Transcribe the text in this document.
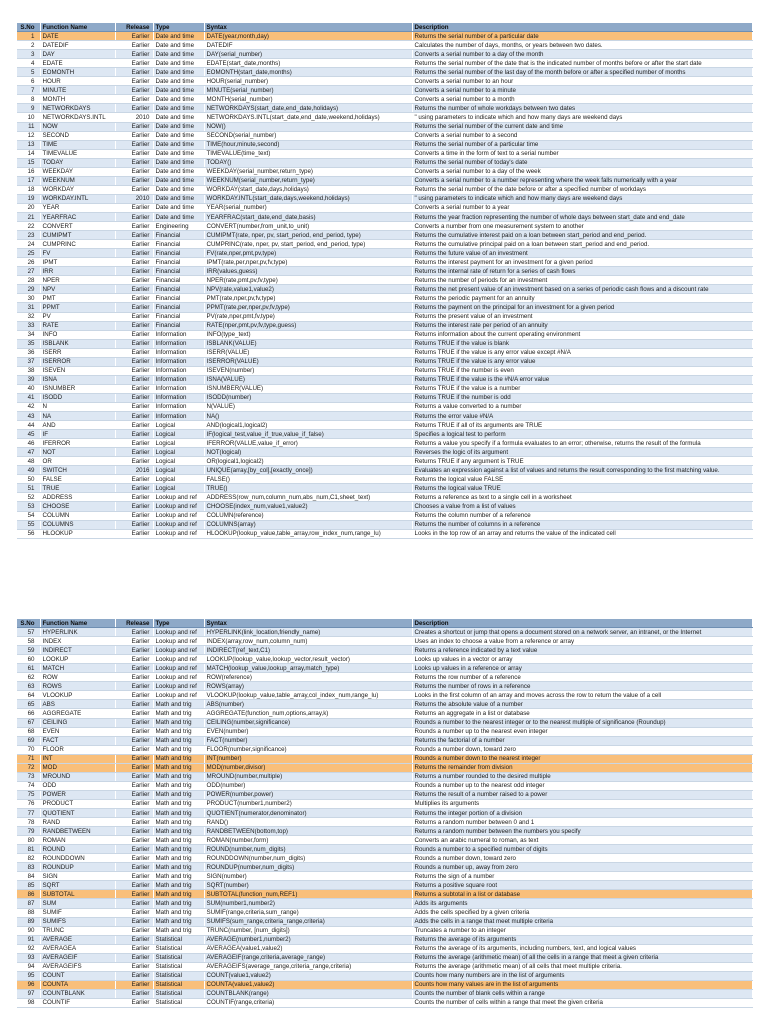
S.No	Function Name	Release	Type	Syntax	Description
1	DATE	Earlier	Date and time	DATE(year,month,day)	Returns the serial number of a particular date
2	DATEDIF	Earlier	Date and time	DATEDIF	Calculates the number of days, months, or years between two dates.
3	DAY	Earlier	Date and time	DAY(serial_number)	Converts a serial number to a day of the month
4	EDATE	Earlier	Date and time	EDATE(start_date,months)	Returns the serial number of the date that is the indicated number of months before or after the start date
5	EOMONTH	Earlier	Date and time	EOMONTH(start_date,months)	Returns the serial number of the last day of the month before or after a specified number of months
6	HOUR	Earlier	Date and time	HOUR(serial_number)	Converts a serial number to an hour
7	MINUTE	Earlier	Date and time	MINUTE(serial_number)	Converts a serial number to a minute
8	MONTH	Earlier	Date and time	MONTH(serial_number)	Converts a serial number to a month
9	NETWORKDAYS	Earlier	Date and time	NETWORKDAYS(start_date,end_date,holidays)	Returns the number of whole workdays between two dates
10	NETWORKDAYS.INTL	2010	Date and time	NETWORKDAYS.INTL(start_date,end_date,weekend,holidays)	" using parameters to indicate which and how many days are weekend days
11	NOW	Earlier	Date and time	NOW()	Returns the serial number of the current date and time
12	SECOND	Earlier	Date and time	SECOND(serial_number)	Converts a serial number to a second
13	TIME	Earlier	Date and time	TIME(hour,minute,second)	Returns the serial number of a particular time
14	TIMEVALUE	Earlier	Date and time	TIMEVALUE(time_text)	Converts a time in the form of text to a serial number
15	TODAY	Earlier	Date and time	TODAY()	Returns the serial number of today's date
16	WEEKDAY	Earlier	Date and time	WEEKDAY(serial_number,return_type)	Converts a serial number to a day of the week
17	WEEKNUM	Earlier	Date and time	WEEKNUM(serial_number,return_type)	Converts a serial number to a number representing where the week falls numerically with a year
18	WORKDAY	Earlier	Date and time	WORKDAY(start_date,days,holidays)	Returns the serial number of the date before or after a specified number of workdays
19	WORKDAY.INTL	2010	Date and time	WORKDAY.INTL(start_date,days,weekend,holidays)	" using parameters to indicate which and how many days are weekend days
20	YEAR	Earlier	Date and time	YEAR(serial_number)	Converts a serial number to a year
21	YEARFRAC	Earlier	Date and time	YEARFRAC(start_date,end_date,basis)	Returns the year fraction representing the number of whole days between start_date and end_date
22	CONVERT	Earlier	Engineering	CONVERT(number,from_unit,to_unit)	Converts a number from one measurement system to another
23	CUMIPMT	Earlier	Financial	CUMIPMT(rate, nper, pv, start_period, end_period, type)	Returns the cumulative interest paid on a loan between start_period and end_period.
24	CUMPRINC	Earlier	Financial	CUMPRINC(rate, nper, pv, start_period, end_period, type)	Returns the cumulative principal paid on a loan between start_period and end_period.
25	FV	Earlier	Financial	FV(rate,nper,pmt,pv,type)	Returns the future value of an investment
26	IPMT	Earlier	Financial	IPMT(rate,per,nper,pv,fv,type)	Returns the interest payment for an investment for a given period
27	IRR	Earlier	Financial	IRR(values,guess)	Returns the internal rate of return for a series of cash flows
28	NPER	Earlier	Financial	NPER(rate,pmt,pv,fv,type)	Returns the number of periods for an investment
29	NPV	Earlier	Financial	NPV(rate,value1,value2)	Returns the net present value of an investment based on a series of periodic cash flows and a discount rate
30	PMT	Earlier	Financial	PMT(rate,nper,pv,fv,type)	Returns the periodic payment for an annuity
31	PPMT	Earlier	Financial	PPMT(rate,per,nper,pv,fv,type)	Returns the payment on the principal for an investment for a given period
32	PV	Earlier	Financial	PV(rate,nper,pmt,fv,type)	Returns the present value of an investment
33	RATE	Earlier	Financial	RATE(nper,pmt,pv,fv,type,guess)	Returns the interest rate per period of an annuity
34	INFO	Earlier	Information	INFO(type_text)	Returns information about the current operating environment
35	ISBLANK	Earlier	Information	ISBLANK(VALUE)	Returns TRUE if the value is blank
36	ISERR	Earlier	Information	ISERR(VALUE)	Returns TRUE if the value is any error value except #N/A
37	ISERROR	Earlier	Information	ISERROR(VALUE)	Returns TRUE if the value is any error value
38	ISEVEN	Earlier	Information	ISEVEN(number)	Returns TRUE if the number is even
39	ISNA	Earlier	Information	ISNA(VALUE)	Returns TRUE if the value is the #N/A error value
40	ISNUMBER	Earlier	Information	ISNUMBER(VALUE)	Returns TRUE if the value is a number
41	ISODD	Earlier	Information	ISODD(number)	Returns TRUE if the number is odd
42	N	Earlier	Information	N(VALUE)	Returns a value converted to a number
43	NA	Earlier	Information	NA()	Returns the error value #N/A
44	AND	Earlier	Logical	AND(logical1,logical2)	Returns TRUE if all of its arguments are TRUE
45	IF	Earlier	Logical	IF(logical_test,value_if_true,value_if_false)	Specifies a logical test to perform
46	IFERROR	Earlier	Logical	IFERROR(VALUE,value_if_error)	Returns a value you specify if a formula evaluates to an error; otherwise, returns the result of the formula
47	NOT	Earlier	Logical	NOT(logical)	Reverses the logic of its argument
48	OR	Earlier	Logical	OR(logical1,logical2)	Returns TRUE if any argument is TRUE
49	SWITCH	2016	Logical	UNIQUE(array,[by_col],[exactly_once])	Evaluates an expression against a list of values and returns the result corresponding to the first matching value.
50	FALSE	Earlier	Logical	FALSE()	Returns the logical value FALSE
51	TRUE	Earlier	Logical	TRUE()	Returns the logical value TRUE
52	ADDRESS	Earlier	Lookup and ref	ADDRESS(row_num,column_num,abs_num,C1,sheet_text)	Returns a reference as text to a single cell in a worksheet
53	CHOOSE	Earlier	Lookup and ref	CHOOSE(index_num,value1,value2)	Chooses a value from a list of values
54	COLUMN	Earlier	Lookup and ref	COLUMN(reference)	Returns the column number of a reference
55	COLUMNS	Earlier	Lookup and ref	COLUMNS(array)	Returns the number of columns in a reference
56	HLOOKUP	Earlier	Lookup and ref	HLOOKUP(lookup_value,table_array,row_index_num,range_lu)	Looks in the top row of an array and returns the value of the indicated cell
S.No	Function Name	Release	Type	Syntax	Description
57	HYPERLINK	Earlier	Lookup and ref	HYPERLINK(link_location,friendly_name)	Creates a shortcut or jump that opens a document stored on a network server, an intranet, or the Internet
58	INDEX	Earlier	Lookup and ref	INDEX(array,row_num,column_num)	Uses an index to choose a value from a reference or array
59	INDIRECT	Earlier	Lookup and ref	INDIRECT(ref_text,C1)	Returns a reference indicated by a text value
60	LOOKUP	Earlier	Lookup and ref	LOOKUP(lookup_value,lookup_vector,result_vector)	Looks up values in a vector or array
61	MATCH	Earlier	Lookup and ref	MATCH(lookup_value,lookup_array,match_type)	Looks up values in a reference or array
62	ROW	Earlier	Lookup and ref	ROW(reference)	Returns the row number of a reference
63	ROWS	Earlier	Lookup and ref	ROWS(array)	Returns the number of rows in a reference
64	VLOOKUP	Earlier	Lookup and ref	VLOOKUP(lookup_value,table_array,col_index_num,range_lu)	Looks in the first column of an array and moves across the row to return the value of a cell
65	ABS	Earlier	Math and trig	ABS(number)	Returns the absolute value of a number
66	AGGREGATE	Earlier	Math and trig	AGGREGATE(function_num,options,array,k)	Returns an aggregate in a list or database
67	CEILING	Earlier	Math and trig	CEILING(number,significance)	Rounds a number to the nearest integer or to the nearest multiple of significance (Roundup)
68	EVEN	Earlier	Math and trig	EVEN(number)	Rounds a number up to the nearest even integer
69	FACT	Earlier	Math and trig	FACT(number)	Returns the factorial of a number
70	FLOOR	Earlier	Math and trig	FLOOR(number,significance)	Rounds a number down, toward zero
71	INT	Earlier	Math and trig	INT(number)	Rounds a number down to the nearest integer
72	MOD	Earlier	Math and trig	MOD(number,divisor)	Returns the remainder from division
73	MROUND	Earlier	Math and trig	MROUND(number,multiple)	Returns a number rounded to the desired multiple
74	ODD	Earlier	Math and trig	ODD(number)	Rounds a number up to the nearest odd integer
75	POWER	Earlier	Math and trig	POWER(number,power)	Returns the result of a number raised to a power
76	PRODUCT	Earlier	Math and trig	PRODUCT(number1,number2)	Multiplies its arguments
77	QUOTIENT	Earlier	Math and trig	QUOTIENT(numerator,denominator)	Returns the integer portion of a division
78	RAND	Earlier	Math and trig	RAND()	Returns a random number between 0 and 1
79	RANDBETWEEN	Earlier	Math and trig	RANDBETWEEN(bottom,top)	Returns a random number between the numbers you specify
80	ROMAN	Earlier	Math and trig	ROMAN(number,form)	Converts an arabic numeral to roman, as text
81	ROUND	Earlier	Math and trig	ROUND(number,num_digits)	Rounds a number to a specified number of digits
82	ROUNDDOWN	Earlier	Math and trig	ROUNDDOWN(number,num_digits)	Rounds a number down, toward zero
83	ROUNDUP	Earlier	Math and trig	ROUNDUP(number,num_digits)	Rounds a number up, away from zero
84	SIGN	Earlier	Math and trig	SIGN(number)	Returns the sign of a number
85	SQRT	Earlier	Math and trig	SQRT(number)	Returns a positive square root
86	SUBTOTAL	Earlier	Math and trig	SUBTOTAL(function_num,REF1)	Returns a subtotal in a list or database
87	SUM	Earlier	Math and trig	SUM(number1,number2)	Adds its arguments
88	SUMIF	Earlier	Math and trig	SUMIF(range,criteria,sum_range)	Adds the cells specified by a given criteria
89	SUMIFS	Earlier	Math and trig	SUMIFS(sum_range,criteria_range,criteria)	Adds the cells in a range that meet multiple criteria
90	TRUNC	Earlier	Math and trig	TRUNC(number, [num_digits])	Truncates a number to an integer
91	AVERAGE	Earlier	Statistical	AVERAGE(number1,number2)	Returns the average of its arguments
92	AVERAGEA	Earlier	Statistical	AVERAGEA(value1,value2)	Returns the average of its arguments, including numbers, text, and logical values
93	AVERAGEIF	Earlier	Statistical	AVERAGEIF(range,criteria,average_range)	Returns the average (arithmetic mean) of all the cells in a range that meet a given criteria
94	AVERAGEIFS	Earlier	Statistical	AVERAGEIFS(average_range,criteria_range,criteria)	Returns the average (arithmetic mean) of all cells that meet multiple criteria.
95	COUNT	Earlier	Statistical	COUNT(value1,value2)	Counts how many numbers are in the list of arguments
96	COUNTA	Earlier	Statistical	COUNTA(value1,value2)	Counts how many values are in the list of arguments
97	COUNTBLANK	Earlier	Statistical	COUNTBLANK(range)	Counts the number of blank cells within a range
98	COUNTIF	Earlier	Statistical	COUNTIF(range,criteria)	Counts the number of cells within a range that meet the given criteria
